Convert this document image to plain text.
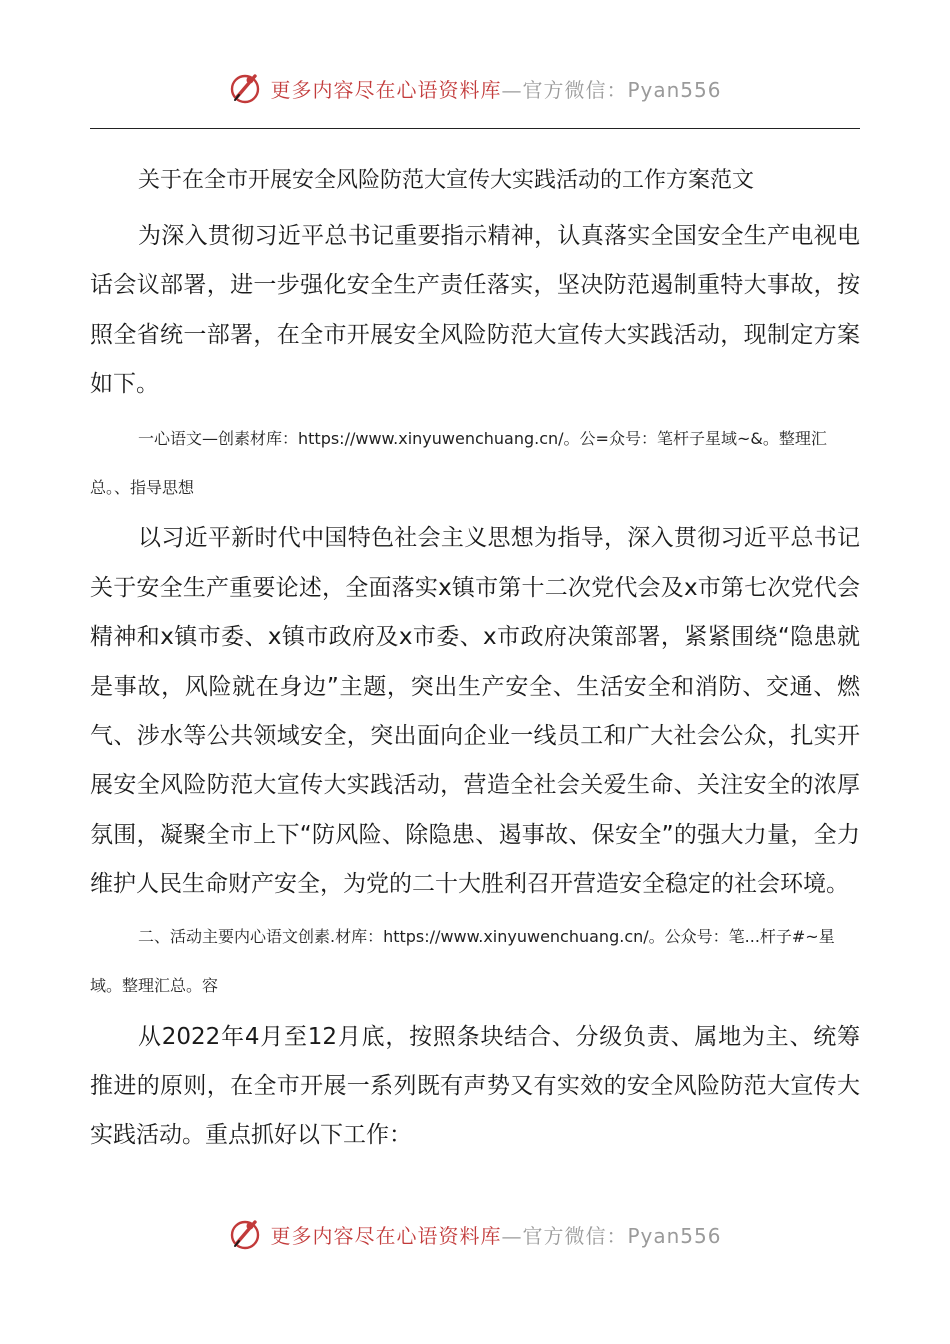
更多内容尽在心语资料库—官方微信：Pyan556
关于在全市开展安全风险防范大宣传大实践活动的工作方案范文

为深入贯彻习近平总书记重要指示精神，认真落实全国安全生产电视电话会议部署，进一步强化安全生产责任落实，坚决防范遏制重特大事故，按照全省统一部署，在全市开展安全风险防范大宣传大实践活动，现制定方案如下。

一心语文—创素材库：https://www.xinyuwenchuang.cn/。公=众号：笔杆子星域~&。整理汇总。、指导思想

以习近平新时代中国特色社会主义思想为指导，深入贯彻习近平总书记关于安全生产重要论述，全面落实x镇市第十二次党代会及x市第七次党代会精神和x镇市委、x镇市政府及x市委、x市政府决策部署，紧紧围绕“隐患就是事故，风险就在身边”主题，突出生产安全、生活安全和消防、交通、燃气、涉水等公共领域安全，突出面向企业一线员工和广大社会公众，扎实开展安全风险防范大宣传大实践活动，营造全社会关爱生命、关注安全的浓厚氛围，凝聚全市上下“防风险、除隐患、遏事故、保安全”的强大力量，全力维护人民生命财产安全，为党的二十大胜利召开营造安全稳定的社会环境。

二、活动主要内心语文创素.材库：https://www.xinyuwenchuang.cn/。公众号：笔...杆子#~星域。整理汇总。容

从2022年4月至12月底，按照条块结合、分级负责、属地为主、统筹推进的原则，在全市开展一系列既有声势又有实效的安全风险防范大宣传大实践活动。重点抓好以下工作：

更多内容尽在心语资料库—官方微信：Pyan556
